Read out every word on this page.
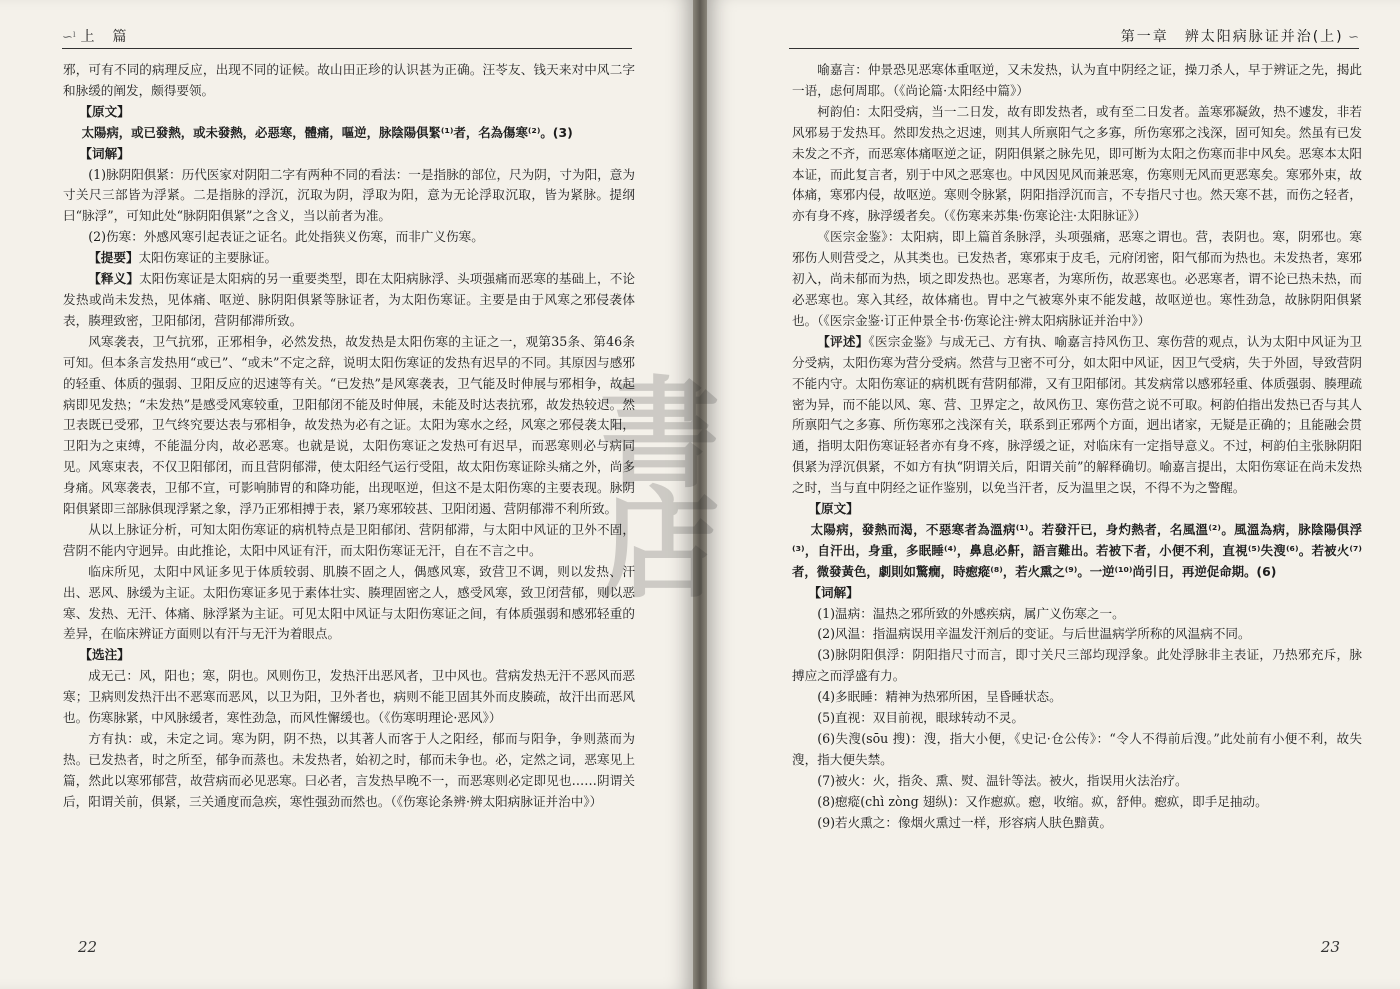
∽ˡ 上　篇

邪，可有不同的病理反应，出现不同的证候。故山田正珍的认识甚为正确。汪苓友、钱天来对中风二字和脉缓的阐发，颇得要领。

【原文】

太陽病，或已發熱，或未發熱，必惡寒，體痛，嘔逆，脉陰陽俱緊⁽¹⁾者，名為傷寒⁽²⁾。(3)

【词解】

(1)脉阴阳俱紧：历代医家对阴阳二字有两种不同的看法：一是指脉的部位，尺为阴，寸为阳，意为寸关尺三部皆为浮紧。二是指脉的浮沉，沉取为阴，浮取为阳，意为无论浮取沉取，皆为紧脉。提纲曰“脉浮”，可知此处“脉阴阳俱紧”之含义，当以前者为准。

(2)伤寒：外感风寒引起表证之证名。此处指狭义伤寒，而非广义伤寒。

【提要】太阳伤寒证的主要脉证。

【释义】太阳伤寒证是太阳病的另一重要类型，即在太阳病脉浮、头项强痛而恶寒的基础上，不论发热或尚未发热，见体痛、呕逆、脉阴阳俱紧等脉证者，为太阳伤寒证。主要是由于风寒之邪侵袭体表，腠理致密，卫阳郁闭，营阴郁滞所致。

风寒袭表，卫气抗邪，正邪相争，必然发热，故发热是太阳伤寒的主证之一，观第35条、第46条可知。但本条言发热用“或已”、“或未”不定之辞，说明太阳伤寒证的发热有迟早的不同。其原因与感邪的轻重、体质的强弱、卫阳反应的迟速等有关。“已发热”是风寒袭表，卫气能及时伸展与邪相争，故起病即见发热；“未发热”是感受风寒较重，卫阳郁闭不能及时伸展，未能及时达表抗邪，故发热较迟。然卫表既已受邪，卫气终究要达表与邪相争，故发热为必有之证。太阳为寒水之经，风寒之邪侵袭太阳，卫阳为之束缚，不能温分肉，故必恶寒。也就是说，太阳伤寒证之发热可有迟早，而恶寒则必与病同见。风寒束表，不仅卫阳郁闭，而且营阴郁滞，使太阳经气运行受阻，故太阳伤寒证除头痛之外，尚多身痛。风寒袭表，卫郁不宣，可影响肺胃的和降功能，出现呕逆，但这不是太阳伤寒的主要表现。脉阴阳俱紧即三部脉俱现浮紧之象，浮乃正邪相搏于表，紧乃寒邪较甚、卫阳闭遏、营阴郁滞不利所致。

从以上脉证分析，可知太阳伤寒证的病机特点是卫阳郁闭、营阴郁滞，与太阳中风证的卫外不固，营阴不能内守迥异。由此推论，太阳中风证有汗，而太阳伤寒证无汗，自在不言之中。

临床所见，太阳中风证多见于体质较弱、肌腠不固之人，偶感风寒，致营卫不调，则以发热、汗出、恶风、脉缓为主证。太阳伤寒证多见于素体壮实、腠理固密之人，感受风寒，致卫闭营郁，则以恶寒、发热、无汗、体痛、脉浮紧为主证。可见太阳中风证与太阳伤寒证之间，有体质强弱和感邪轻重的差异，在临床辨证方面则以有汗与无汗为着眼点。

【选注】

成无己：风，阳也；寒，阴也。风则伤卫，发热汗出恶风者，卫中风也。营病发热无汗不恶风而恶寒；卫病则发热汗出不恶寒而恶风，以卫为阳，卫外者也，病则不能卫固其外而皮腠疏，故汗出而恶风也。伤寒脉紧，中风脉缓者，寒性劲急，而风性懈缓也。（《伤寒明理论·恶风》）

方有执：或，未定之词。寒为阴，阴不热，以其著人而客于人之阳经，郁而与阳争，争则蒸而为热。已发热者，时之所至，郁争而蒸也。未发热者，始初之时，郁而未争也。必，定然之词，恶寒见上篇，然此以寒邪郁营，故营病而必见恶寒。曰必者，言发热早晚不一，而恶寒则必定即见也……阴谓关后，阳谓关前，俱紧，三关通度而急疾，寒性强劲而然也。（《伤寒论条辨·辨太阳病脉证并治中》）

22
第一章　辨太阳病脉证并治(上) ∽

喻嘉言：仲景恐见恶寒体重呕逆，又未发热，认为直中阴经之证，操刀杀人，早于辨证之先，揭此一语，虑何周耶。（《尚论篇·太阳经中篇》）

柯韵伯：太阳受病，当一二日发，故有即发热者，或有至二日发者。盖寒邪凝敛，热不遽发，非若风邪易于发热耳。然即发热之迟速，则其人所禀阳气之多寡，所伤寒邪之浅深，固可知矣。然虽有已发未发之不齐，而恶寒体痛呕逆之证，阴阳俱紧之脉先见，即可断为太阳之伤寒而非中风矣。恶寒本太阳本证，而此复言者，别于中风之恶寒也。中风因见风而兼恶寒，伤寒则无风而更恶寒矣。寒邪外束，故体痛，寒邪内侵，故呕逆。寒则令脉紧，阴阳指浮沉而言，不专指尺寸也。然天寒不甚，而伤之轻者，亦有身不疼，脉浮缓者矣。（《伤寒来苏集·伤寒论注·太阳脉证》）

《医宗金鉴》：太阳病，即上篇首条脉浮，头项强痛，恶寒之谓也。营，表阴也。寒，阴邪也。寒邪伤人则营受之，从其类也。已发热者，寒邪束于皮毛，元府闭密，阳气郁而为热也。未发热者，寒邪初入，尚未郁而为热，顷之即发热也。恶寒者，为寒所伤，故恶寒也。必恶寒者，谓不论已热未热，而必恶寒也。寒入其经，故体痛也。胃中之气被寒外束不能发越，故呕逆也。寒性劲急，故脉阴阳俱紧也。（《医宗金鉴·订正仲景全书·伤寒论注·辨太阳病脉证并治中》）

【评述】《医宗金鉴》与成无己、方有执、喻嘉言持风伤卫、寒伤营的观点，认为太阳中风证为卫分受病，太阳伤寒为营分受病。然营与卫密不可分，如太阳中风证，因卫气受病，失于外固，导致营阴不能内守。太阳伤寒证的病机既有营阴郁滞，又有卫阳郁闭。其发病常以感邪轻重、体质强弱、腠理疏密为异，而不能以风、寒、营、卫界定之，故风伤卫、寒伤营之说不可取。柯韵伯指出发热已否与其人所禀阳气之多寡、所伤寒邪之浅深有关，联系到正邪两个方面，迥出诸家，无疑是正确的；且能融会贯通，指明太阳伤寒证轻者亦有身不疼，脉浮缓之证，对临床有一定指导意义。不过，柯韵伯主张脉阴阳俱紧为浮沉俱紧，不如方有执“阴谓关后，阳谓关前”的解释确切。喻嘉言提出，太阳伤寒证在尚未发热之时，当与直中阴经之证作鉴别，以免当汗者，反为温里之误，不得不为之警醒。

【原文】

太陽病，發熱而渴，不惡寒者為溫病⁽¹⁾。若發汗已，身灼熱者，名風溫⁽²⁾。風溫為病，脉陰陽俱浮⁽³⁾，自汗出，身重，多眠睡⁽⁴⁾，鼻息必鼾，語言難出。若被下者，小便不利，直視⁽⁵⁾失溲⁽⁶⁾。若被火⁽⁷⁾者，微發黃色，劇則如驚癇，時瘛瘲⁽⁸⁾，若火熏之⁽⁹⁾。一逆⁽¹⁰⁾尚引日，再逆促命期。(6)

【词解】

(1)温病：温热之邪所致的外感疾病，属广义伤寒之一。

(2)风温：指温病误用辛温发汗剂后的变证。与后世温病学所称的风温病不同。

(3)脉阴阳俱浮：阴阳指尺寸而言，即寸关尺三部均现浮象。此处浮脉非主表证，乃热邪充斥，脉搏应之而浮盛有力。

(4)多眠睡：精神为热邪所困，呈昏睡状态。

(5)直视：双目前视，眼球转动不灵。

(6)失溲(sōu 搜)：溲，指大小便，《史记·仓公传》：“令人不得前后溲。”此处前有小便不利，故失溲，指大便失禁。

(7)被火：火，指灸、熏、熨、温针等法。被火，指误用火法治疗。

(8)瘛瘲(chì zòng 翅纵)：又作瘛疭。瘛，收缩。疭，舒伸。瘛疭，即手足抽动。

(9)若火熏之：像烟火熏过一样，形容病人肤色黯黄。

23
